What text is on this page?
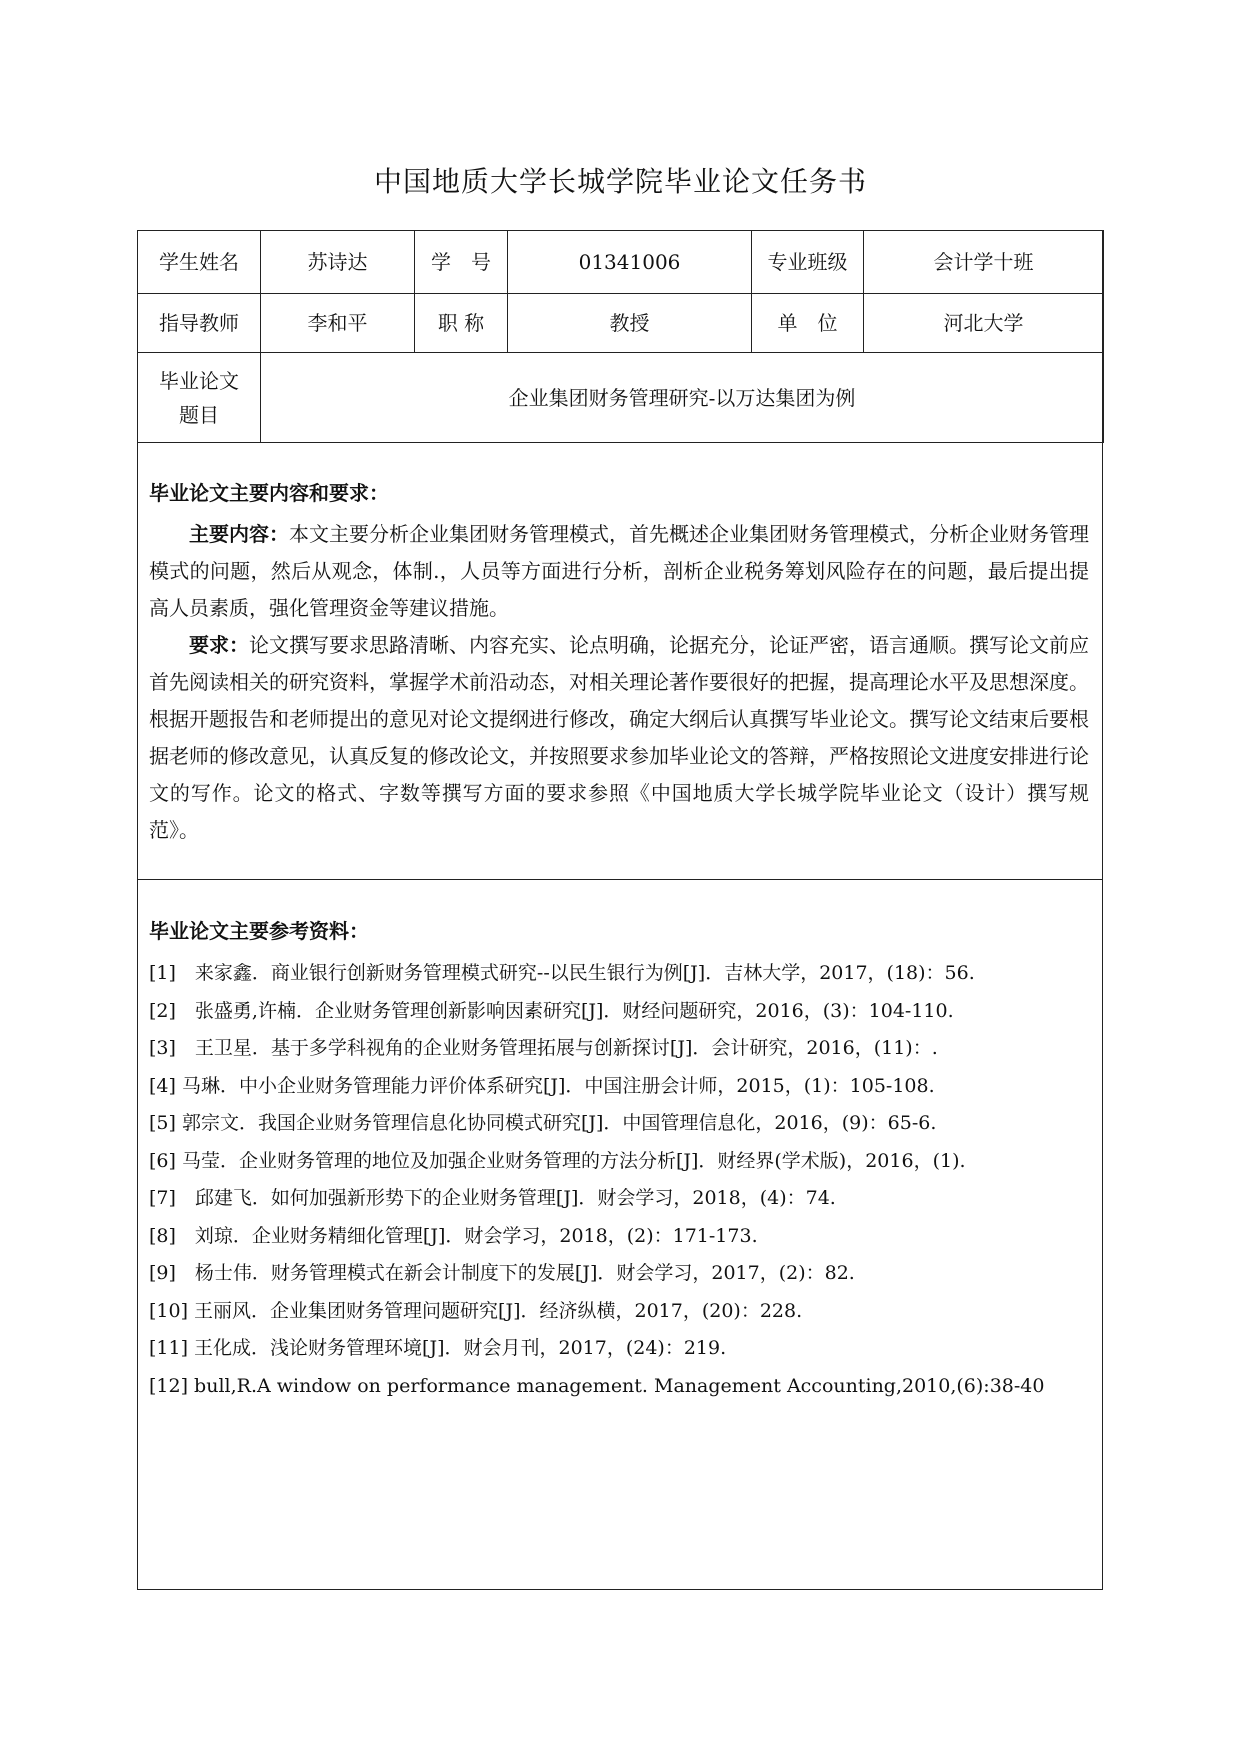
中国地质大学长城学院毕业论文任务书
学生姓名	苏诗达	学　号	01341006	专业班级	会计学十班
指导教师	李和平	职 称	教授	单　位	河北大学

毕业论文
题目	企业集团财务管理研究-以万达集团为例				
毕业论文主要内容和要求：
主要内容：本文主要分析企业集团财务管理模式，首先概述企业集团财务管理模式，分析企业财务管理模式的问题，然后从观念，体制.，人员等方面进行分析，剖析企业税务筹划风险存在的问题，最后提出提高人员素质，强化管理资金等建议措施。
要求：论文撰写要求思路清晰、内容充实、论点明确，论据充分，论证严密，语言通顺。撰写论文前应首先阅读相关的研究资料，掌握学术前沿动态，对相关理论著作要很好的把握，提高理论水平及思想深度。根据开题报告和老师提出的意见对论文提纲进行修改，确定大纲后认真撰写毕业论文。撰写论文结束后要根据老师的修改意见，认真反复的修改论文，并按照要求参加毕业论文的答辩，严格按照论文进度安排进行论文的写作。论文的格式、字数等撰写方面的要求参照《中国地质大学长城学院毕业论文（设计）撰写规范》。
毕业论文主要参考资料：

[1]　来家鑫．商业银行创新财务管理模式研究--以民生银行为例[J]．吉林大学，2017，(18)：56.

[2]　张盛勇,许楠．企业财务管理创新影响因素研究[J]．财经问题研究，2016，(3)：104-110.

[3]　王卫星．基于多学科视角的企业财务管理拓展与创新探讨[J]．会计研究，2016，(11)：.

[4] 马琳．中小企业财务管理能力评价体系研究[J]．中国注册会计师，2015，(1)：105-108.

[5] 郭宗文．我国企业财务管理信息化协同模式研究[J]．中国管理信息化，2016，(9)：65-6.

[6] 马莹．企业财务管理的地位及加强企业财务管理的方法分析[J]．财经界(学术版)，2016，(1).

[7]　邱建飞．如何加强新形势下的企业财务管理[J]．财会学习，2018，(4)：74.

[8]　刘琼．企业财务精细化管理[J]．财会学习，2018，(2)：171-173.

[9]　杨士伟．财务管理模式在新会计制度下的发展[J]．财会学习，2017，(2)：82.

[10] 王丽风．企业集团财务管理问题研究[J]．经济纵横，2017，(20)：228.

[11] 王化成．浅论财务管理环境[J]．财会月刊，2017，(24)：219.

[12] bull,R.A window on performance management. Management Accounting,2010,(6):38-40
